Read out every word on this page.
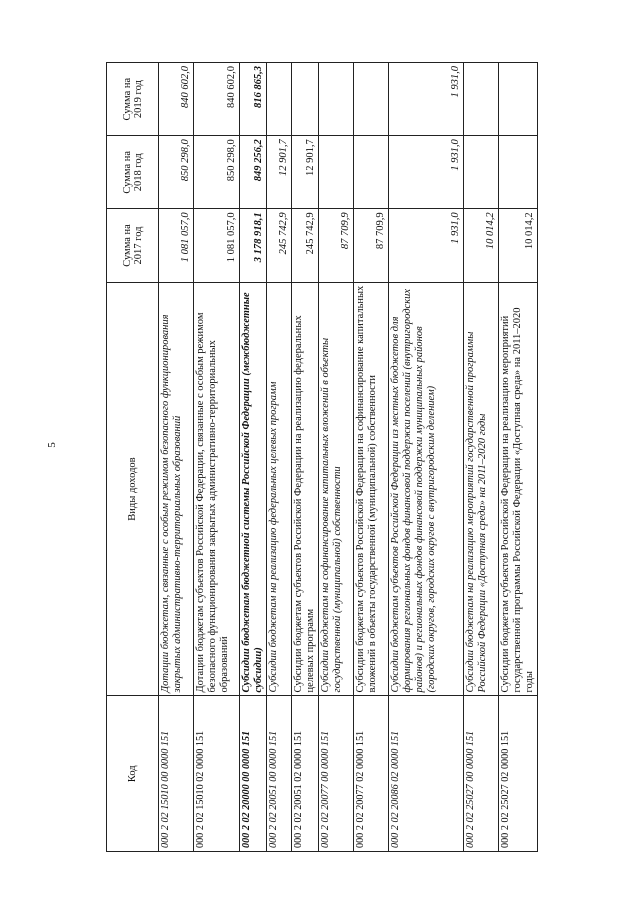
5
Код	Виды доходов	Сумма на 2017 год	Сумма на 2018 год	Сумма на 2019 год
000 2 02 15010 00 0000 151	Дотации бюджетам, связанные с особым режимом безопасного функционирования закрытых административно-территориальных образований	1 081 057,0	850 298,0	840 602,0
000 2 02 15010 02 0000 151	Дотации бюджетам субъектов Российской Федерации, связанные с особым режимом безопасного функционирования закрытых административно-территориальных образований	1 081 057,0	850 298,0	840 602,0
000 2 02 20000 00 0000 151	Субсидии бюджетам бюджетной системы Российской Федерации (межбюджетные субсидии)	3 178 918,1	849 256,2	816 865,3
000 2 02 20051 00 0000 151	Субсидии бюджетам на реализацию федеральных целевых программ	245 742,9	12 901,7	
000 2 02 20051 02 0000 151	Субсидии бюджетам субъектов Российской Федерации на реализацию федеральных целевых программ	245 742,9	12 901,7	
000 2 02 20077 00 0000 151	Субсидии бюджетам на софинансирование капитальных вложений в объекты государственной (муниципальной) собственности	87 709,9		
000 2 02 20077 02 0000 151	Субсидии бюджетам субъектов Российской Федерации на софинансирование капитальных вложений в объекты государственной (муниципальной) собственности	87 709,9		
000 2 02 20086 02 0000 151	Субсидии бюджетам субъектов Российской Федерации из местных бюджетов для формирования региональных фондов финансовой поддержки поселений (внутригородских районов) и региональных фондов финансовой поддержки муниципальных районов (городских округов, городских округов с внутригородским делением)	1 931,0	1 931,0	1 931,0
000 2 02 25027 00 0000 151	Субсидии бюджетам на реализацию мероприятий государственной программы Российской Федерации «Доступная среда» на 2011–2020 годы	10 014,2		
000 2 02 25027 02 0000 151	Субсидии бюджетам субъектов Российской Федерации на реализацию мероприятий государственной программы Российской Федерации «Доступная среда» на 2011–2020 годы	10 014,2		
